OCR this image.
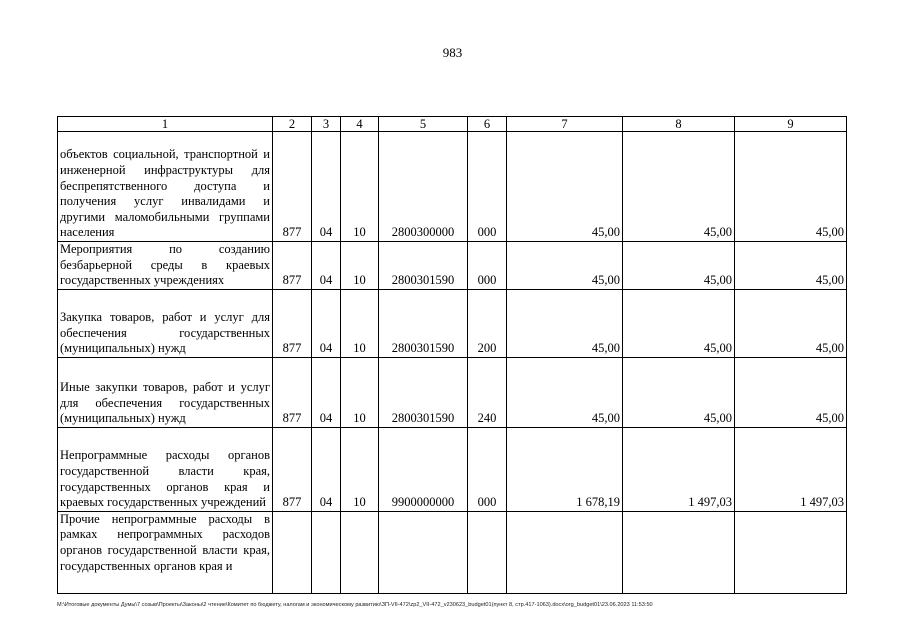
983
1	2	3	4	5	6	7	8	9
объектов социальной, транспортной и инженерной инфраструктуры для беспрепятственного доступа и получения услуг инвалидами и другими маломобильными группами населения	877	04	10	2800300000	000	45,00	45,00	45,00
Мероприятия по созданию безбарьерной среды в краевых государственных учреждениях	877	04	10	2800301590	000	45,00	45,00	45,00
Закупка товаров, работ и услуг для обеспечения государственных (муниципальных) нужд	877	04	10	2800301590	200	45,00	45,00	45,00
Иные закупки товаров, работ и услуг для обеспечения государственных (муниципальных) нужд	877	04	10	2800301590	240	45,00	45,00	45,00
Непрограммные расходы органов государственной власти края, государственных органов края и краевых государственных учреждений	877	04	10	9900000000	000	1 678,19	1 497,03	1 497,03
Прочие непрограммные расходы в рамках непрограммных расходов органов государственной власти края, государственных органов края и								
M:\Итоговые документы Думы\7 созыв\Проекты\Законы\2 чтение\Комитет по бюджету, налогам и экономическому развитию\ЗП-VII-472\zp2_VII-472_v230623_budget01(пункт 8, стр.417-1063).docx\org_budget01\23.06.2023 11:53:50
